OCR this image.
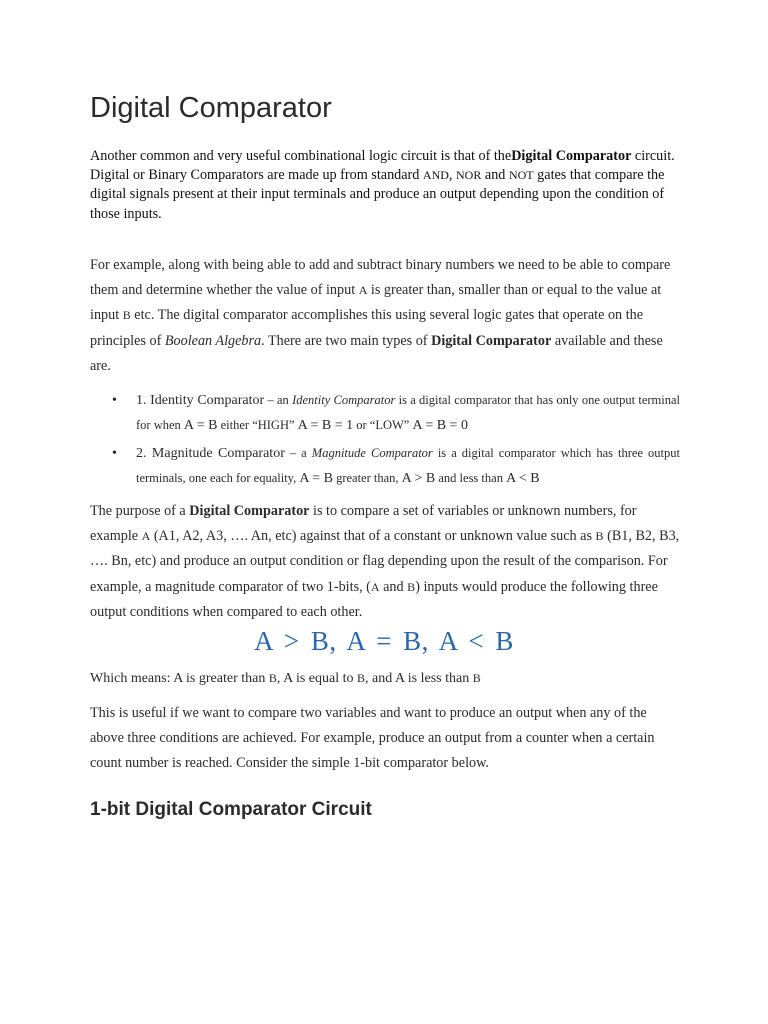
Digital Comparator

Another common and very useful combinational logic circuit is that of theDigital Comparator circuit. Digital or Binary Comparators are made up from standard AND, NOR and NOT gates that compare the digital signals present at their input terminals and produce an output depending upon the condition of those inputs.

For example, along with being able to add and subtract binary numbers we need to be able to compare them and determine whether the value of input A is greater than, smaller than or equal to the value at input B etc. The digital comparator accomplishes this using several logic gates that operate on the principles of Boolean Algebra. There are two main types of Digital Comparator available and these are.

• 1. Identity Comparator – an Identity Comparator is a digital comparator that has only one output terminal for when A = B either “HIGH” A = B = 1 or “LOW” A = B = 0
• 2. Magnitude Comparator – a Magnitude Comparator is a digital comparator which has three output terminals, one each for equality, A = B greater than, A > B and less than A < B

The purpose of a Digital Comparator is to compare a set of variables or unknown numbers, for example A (A1, A2, A3, …. An, etc) against that of a constant or unknown value such as B (B1, B2, B3, …. Bn, etc) and produce an output condition or flag depending upon the result of the comparison. For example, a magnitude comparator of two 1-bits, (A and B) inputs would produce the following three output conditions when compared to each other.

A > B, A = B, A < B

Which means: A is greater than B, A is equal to B, and A is less than B

This is useful if we want to compare two variables and want to produce an output when any of the above three conditions are achieved. For example, produce an output from a counter when a certain count number is reached. Consider the simple 1-bit comparator below.

1-bit Digital Comparator Circuit
